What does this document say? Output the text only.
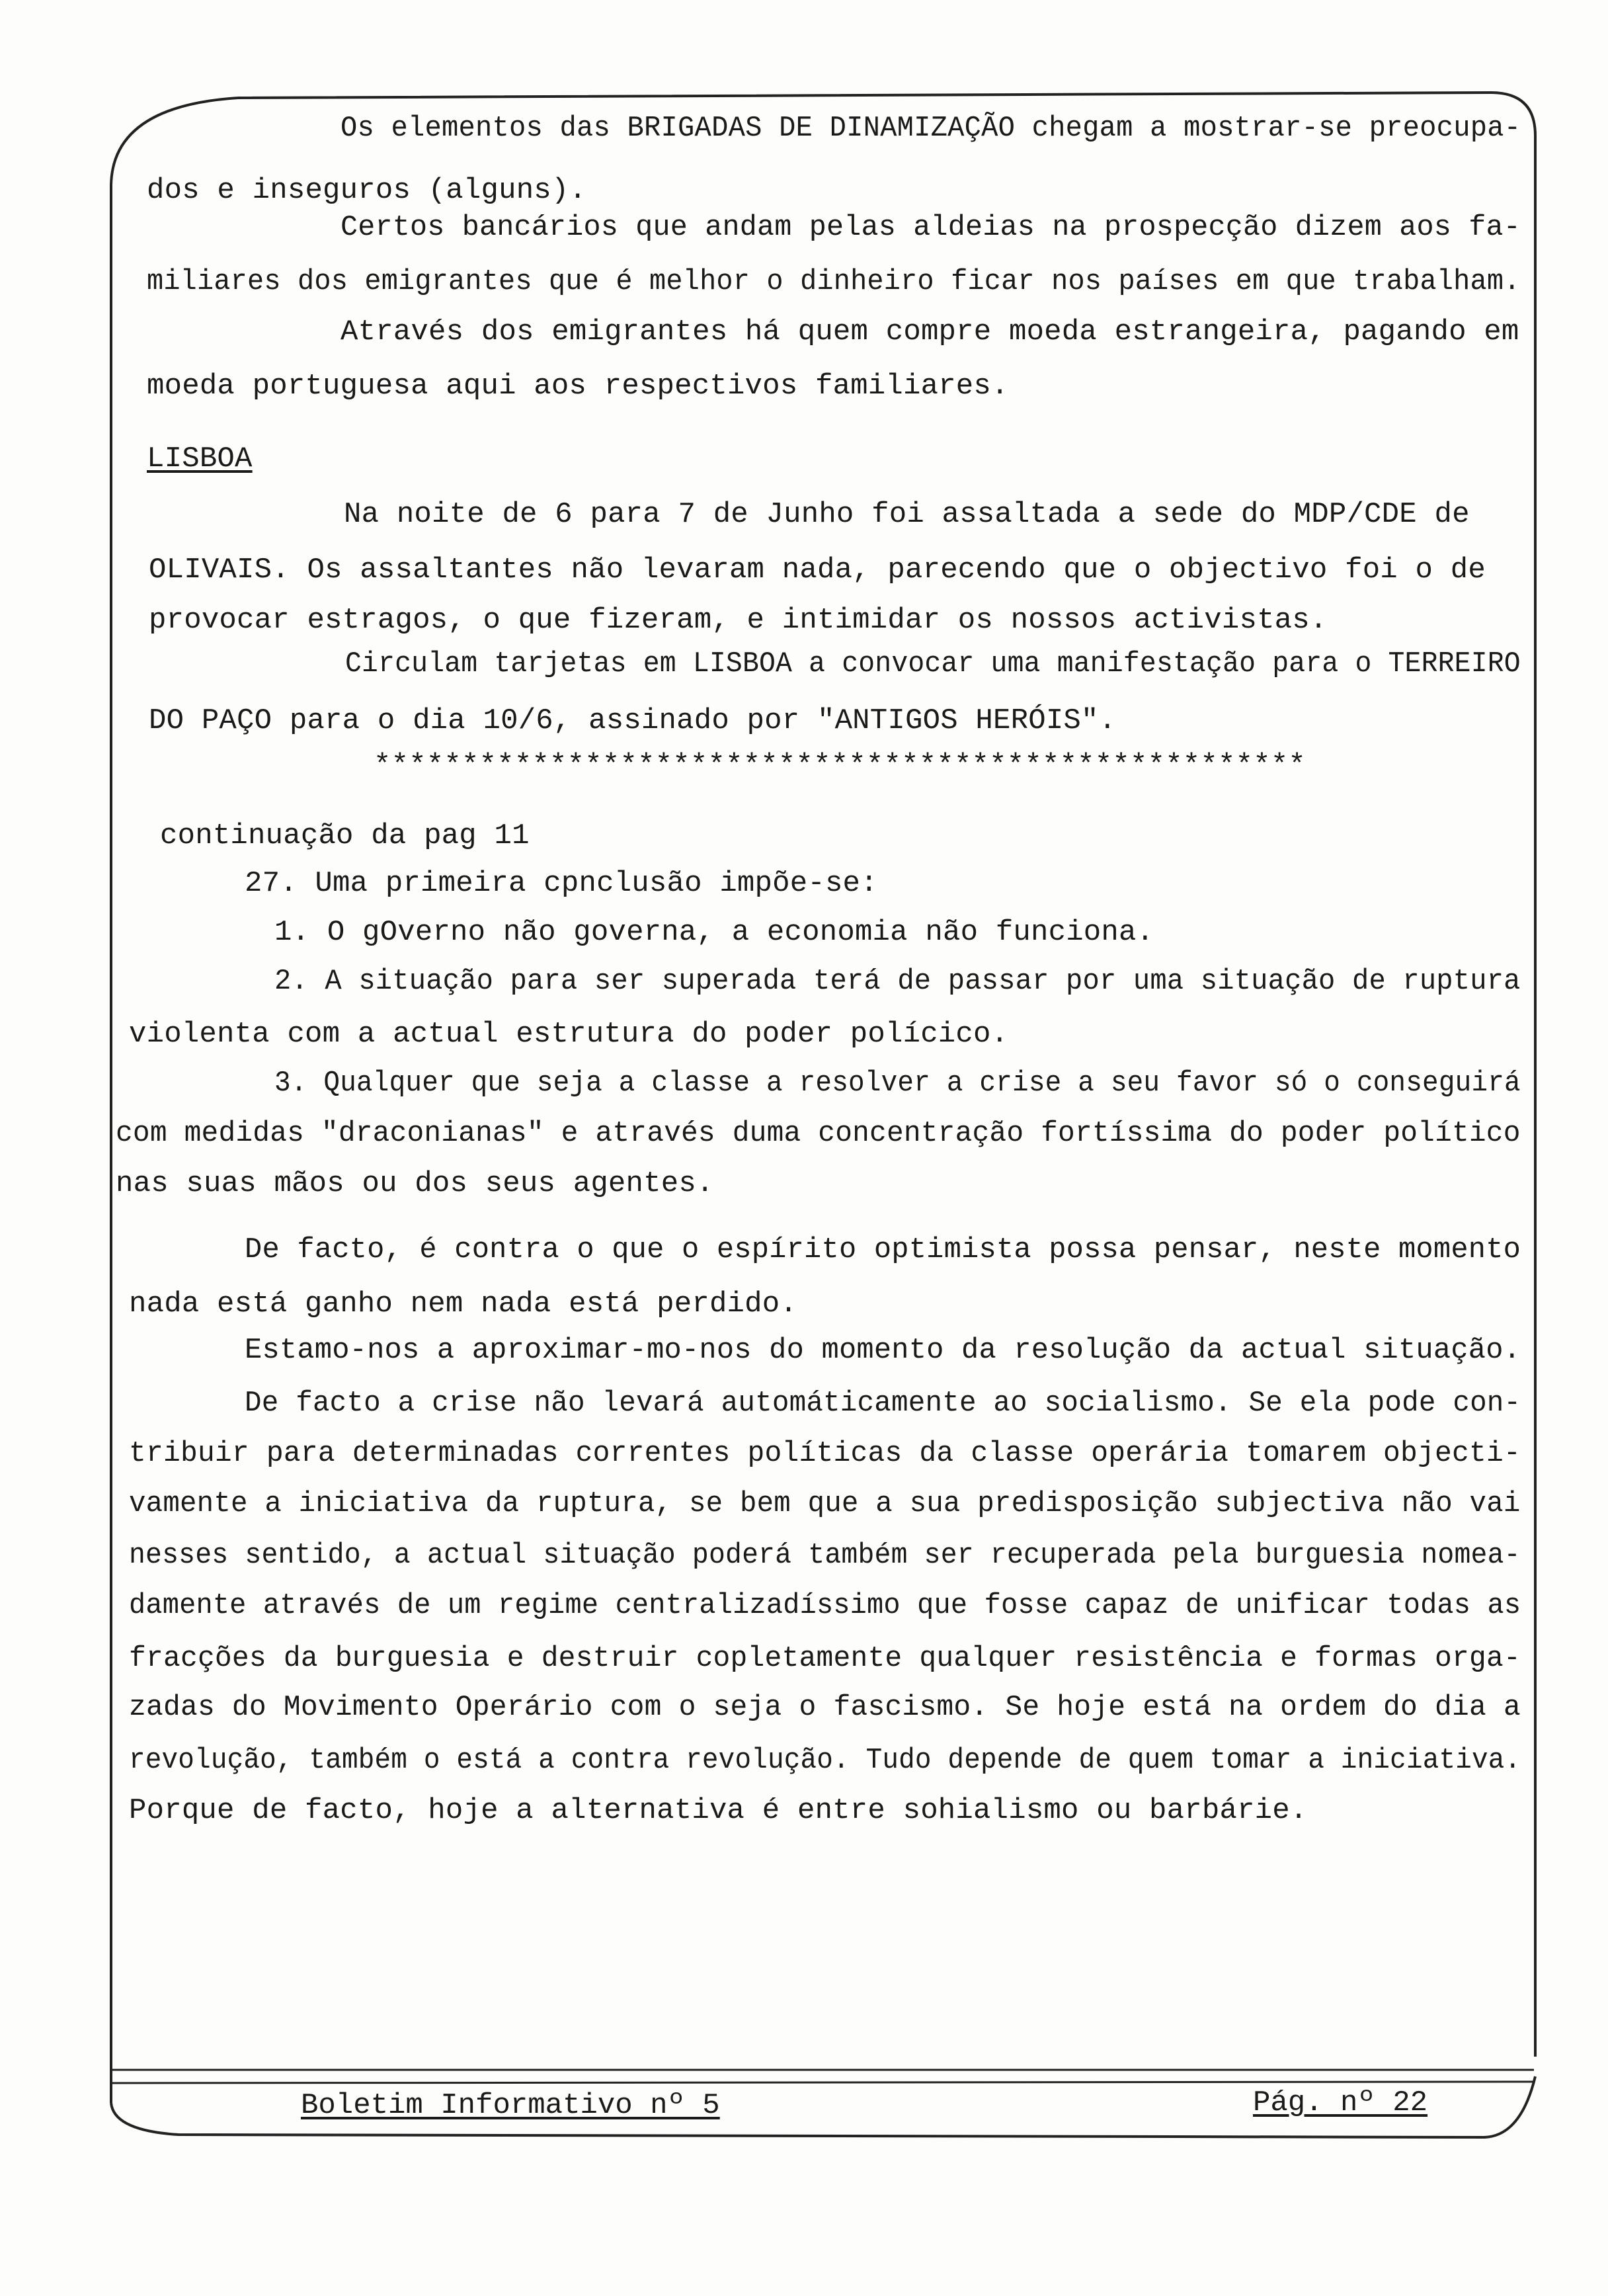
Os elementos das BRIGADAS DE DINAMIZAÇÃO chegam a mostrar-se preocupa-
dos e inseguros (alguns).
Certos bancários que andam pelas aldeias na prospecção dizem aos fa-
miliares dos emigrantes que é melhor o dinheiro ficar nos países em que trabalham.
Através dos emigrantes há quem compre moeda estrangeira, pagando em
moeda portuguesa aqui aos respectivos familiares.
LISBOA
Na noite de 6 para 7 de Junho foi assaltada a sede do MDP/CDE de
OLIVAIS. Os assaltantes não levaram nada, parecendo que o objectivo foi o de
provocar estragos, o que fizeram, e intimidar os nossos activistas.
Circulam tarjetas em LISBOA a convocar uma manifestação para o TERREIRO
DO PAÇO para o dia 10/6, assinado por "ANTIGOS HERÓIS".
*****************************************************
continuação da pag 11
27. Uma primeira cpnclusão impõe-se:
1. O gOverno não governa, a economia não funciona.
2. A situação para ser superada terá de passar por uma situação de ruptura
violenta com a actual estrutura do poder polícico.
3. Qualquer que seja a classe a resolver a crise a seu favor só o conseguirá
com medidas "draconianas" e através duma concentração fortíssima do poder político
nas suas mãos ou dos seus agentes.
De facto, é contra o que o espírito optimista possa pensar, neste momento
nada está ganho nem nada está perdido.
Estamo-nos a aproximar-mo-nos do momento da resolução da actual situação.
De facto a crise não levará automáticamente ao socialismo. Se ela pode con-
tribuir para determinadas correntes políticas da classe operária tomarem objecti-
vamente a iniciativa da ruptura, se bem que a sua predisposição subjectiva não vai
nesses sentido, a actual situação poderá também ser recuperada pela burguesia nomea-
damente através de um regime centralizadíssimo que fosse capaz de unificar todas as
fracções da burguesia e destruir copletamente qualquer resistência e formas orga-
zadas do Movimento Operário com o seja o fascismo. Se hoje está na ordem do dia a
revolução, também o está a contra revolução. Tudo depende de quem tomar a iniciativa.
Porque de facto, hoje a alternativa é entre sohialismo ou barbárie.
Boletim Informativo nº 5	Pág. nº 22
